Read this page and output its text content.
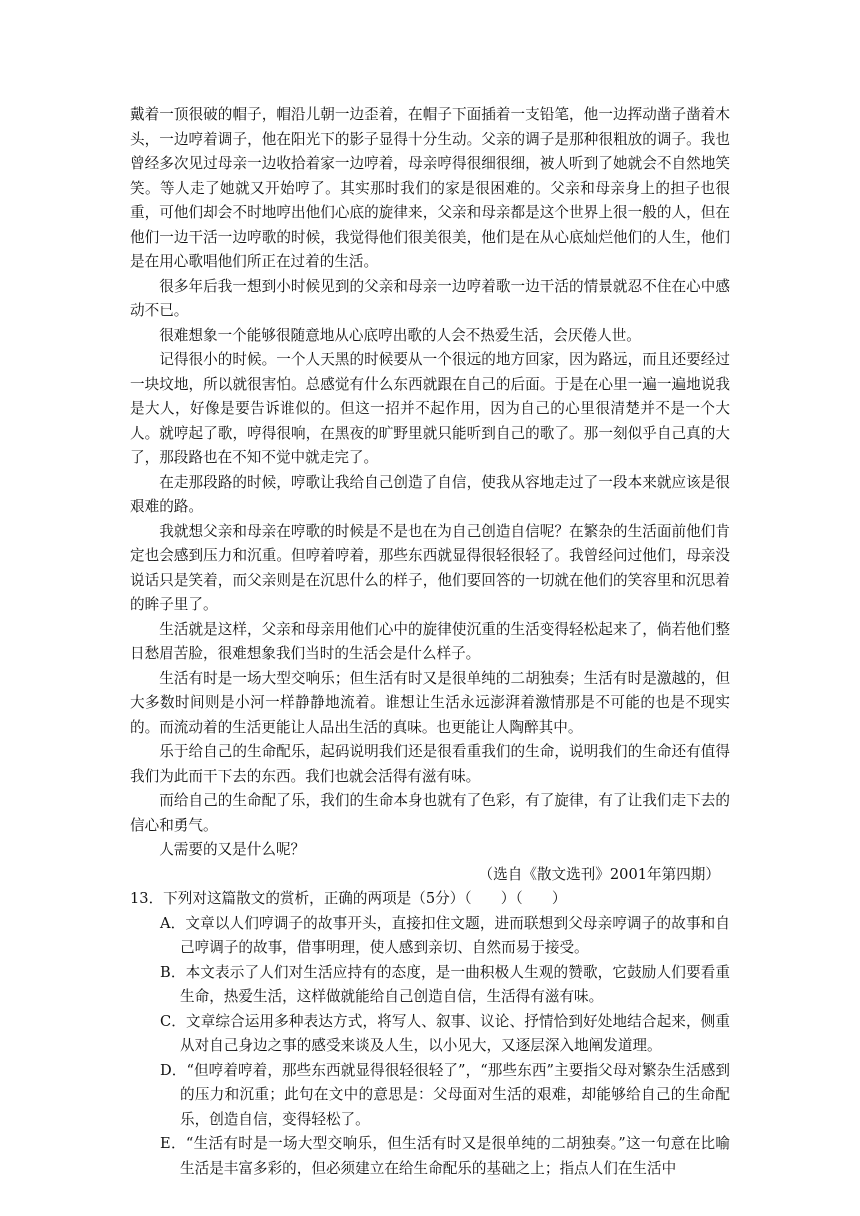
戴着一顶很破的帽子，帽沿儿朝一边歪着，在帽子下面插着一支铅笔，他一边挥动凿子凿着木头，一边哼着调子，他在阳光下的影子显得十分生动。父亲的调子是那种很粗放的调子。我也曾经多次见过母亲一边收拾着家一边哼着，母亲哼得很细很细，被人听到了她就会不自然地笑笑。等人走了她就又开始哼了。其实那时我们的家是很困难的。父亲和母亲身上的担子也很重，可他们却会不时地哼出他们心底的旋律来，父亲和母亲都是这个世界上很一般的人，但在他们一边干活一边哼歌的时候，我觉得他们很美很美，他们是在从心底灿烂他们的人生，他们是在用心歌唱他们所正在过着的生活。

很多年后我一想到小时候见到的父亲和母亲一边哼着歌一边干活的情景就忍不住在心中感动不已。

很难想象一个能够很随意地从心底哼出歌的人会不热爱生活，会厌倦人世。

记得很小的时候。一个人天黑的时候要从一个很远的地方回家，因为路远，而且还要经过一块坟地，所以就很害怕。总感觉有什么东西就跟在自己的后面。于是在心里一遍一遍地说我是大人，好像是要告诉谁似的。但这一招并不起作用，因为自己的心里很清楚并不是一个大人。就哼起了歌，哼得很响，在黑夜的旷野里就只能听到自己的歌了。那一刻似乎自己真的大了，那段路也在不知不觉中就走完了。

在走那段路的时候，哼歌让我给自己创造了自信，使我从容地走过了一段本来就应该是很艰难的路。

我就想父亲和母亲在哼歌的时候是不是也在为自己创造自信呢？在繁杂的生活面前他们肯定也会感到压力和沉重。但哼着哼着，那些东西就显得很轻很轻了。我曾经问过他们，母亲没说话只是笑着，而父亲则是在沉思什么的样子，他们要回答的一切就在他们的笑容里和沉思着的眸子里了。

生活就是这样，父亲和母亲用他们心中的旋律使沉重的生活变得轻松起来了，倘若他们整日愁眉苦脸，很难想象我们当时的生活会是什么样子。

生活有时是一场大型交响乐；但生活有时又是很单纯的二胡独奏；生活有时是激越的，但大多数时间则是小河一样静静地流着。谁想让生活永远澎湃着激情那是不可能的也是不现实的。而流动着的生活更能让人品出生活的真味。也更能让人陶醉其中。

乐于给自己的生命配乐，起码说明我们还是很看重我们的生命，说明我们的生命还有值得我们为此而干下去的东西。我们也就会活得有滋有味。

而给自己的生命配了乐，我们的生命本身也就有了色彩，有了旋律，有了让我们走下去的信心和勇气。

人需要的又是什么呢？

（选自《散文选刊》2001年第四期）

13．下列对这篇散文的赏析，正确的两项是（5分）（　　）（　　）

A．文章以人们哼调子的故事开头，直接扣住文题，进而联想到父母亲哼调子的故事和自己哼调子的故事，借事明理，使人感到亲切、自然而易于接受。

B．本文表示了人们对生活应持有的态度，是一曲积极人生观的赞歌，它鼓励人们要看重生命，热爱生活，这样做就能给自己创造自信，生活得有滋有味。

C．文章综合运用多种表达方式，将写人、叙事、议论、抒情恰到好处地结合起来，侧重从对自己身边之事的感受来谈及人生，以小见大，又逐层深入地阐发道理。

D．“但哼着哼着，那些东西就显得很轻很轻了”，“那些东西”主要指父母对繁杂生活感到的压力和沉重；此句在文中的意思是：父母面对生活的艰难，却能够给自己的生命配乐，创造自信，变得轻松了。

E．“生活有时是一场大型交响乐，但生活有时又是很单纯的二胡独奏。”这一句意在比喻生活是丰富多彩的，但必须建立在给生命配乐的基础之上；指点人们在生活中
